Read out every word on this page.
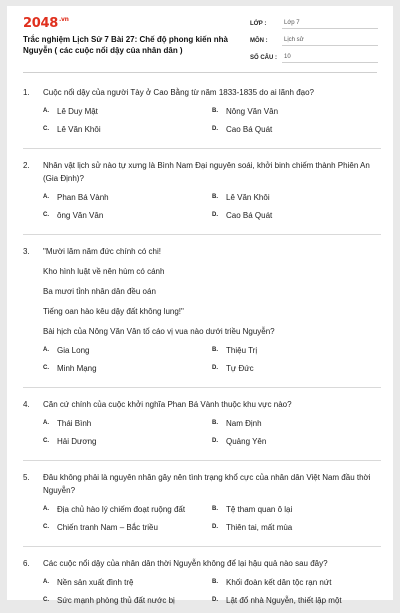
$2048^{.vn}$
Trắc nghiệm Lịch Sử 7 Bài 27: Chế độ phong kiến nhà Nguyễn ( các cuộc nổi dậy của nhân dân )
LỚP :	Lớp 7
MÔN :	Lịch sử
SỐ CÂU :	10
1.	Cuộc nổi dậy của người Tày ở Cao Bằng từ năm 1833-1835 do ai lãnh đạo?
A.	Lê Duy Mật	B.	Nông Văn Vân
C.	Lê Văn Khôi	D.	Cao Bá Quát
2.	Nhân vật lịch sử nào tự xưng là Bình Nam Đại nguyên soái, khởi binh chiếm thành Phiên An (Gia Định)?
A.	Phan Bá Vành	B.	Lê Văn Khôi
C.	ông Văn Vân	D.	Cao Bá Quát
3.	"Mười lăm năm đức chính có chi!
Kho hình luật về nên hùm có cánh
Ba mươi tỉnh nhân dân đều oán
Tiếng oan hào kêu dậy đất không lung!"
Bài hịch của Nông Văn Vân tố cáo vị vua nào dưới triều Nguyễn?
A.	Gia Long	B.	Thiệu Trị
C.	Minh Mạng	D.	Tự Đức
4.	Căn cứ chính của cuộc khởi nghĩa Phan Bá Vành thuộc khu vực nào?
A.	Thái Bình	B.	Nam Định
C.	Hải Dương	D.	Quảng Yên
5.	Đâu không phải là nguyên nhân gây nên tình trạng khổ cực của nhân dân Việt Nam đầu thời Nguyễn?
A.	Địa chủ hào lý chiếm đoạt ruộng đất	B.	Tệ tham quan ô lại
C.	Chiến tranh Nam – Bắc triều	D.	Thiên tai, mất mùa
6.	Các cuộc nổi dậy của nhân dân thời Nguyễn không để lại hậu quả nào sau đây?
A.	Nền sản xuất đình trệ	B.	Khối đoàn kết dân tộc rạn nứt
C.	Sức mạnh phòng thủ đất nước bị	D.	Lật đổ nhà Nguyễn, thiết lập một
